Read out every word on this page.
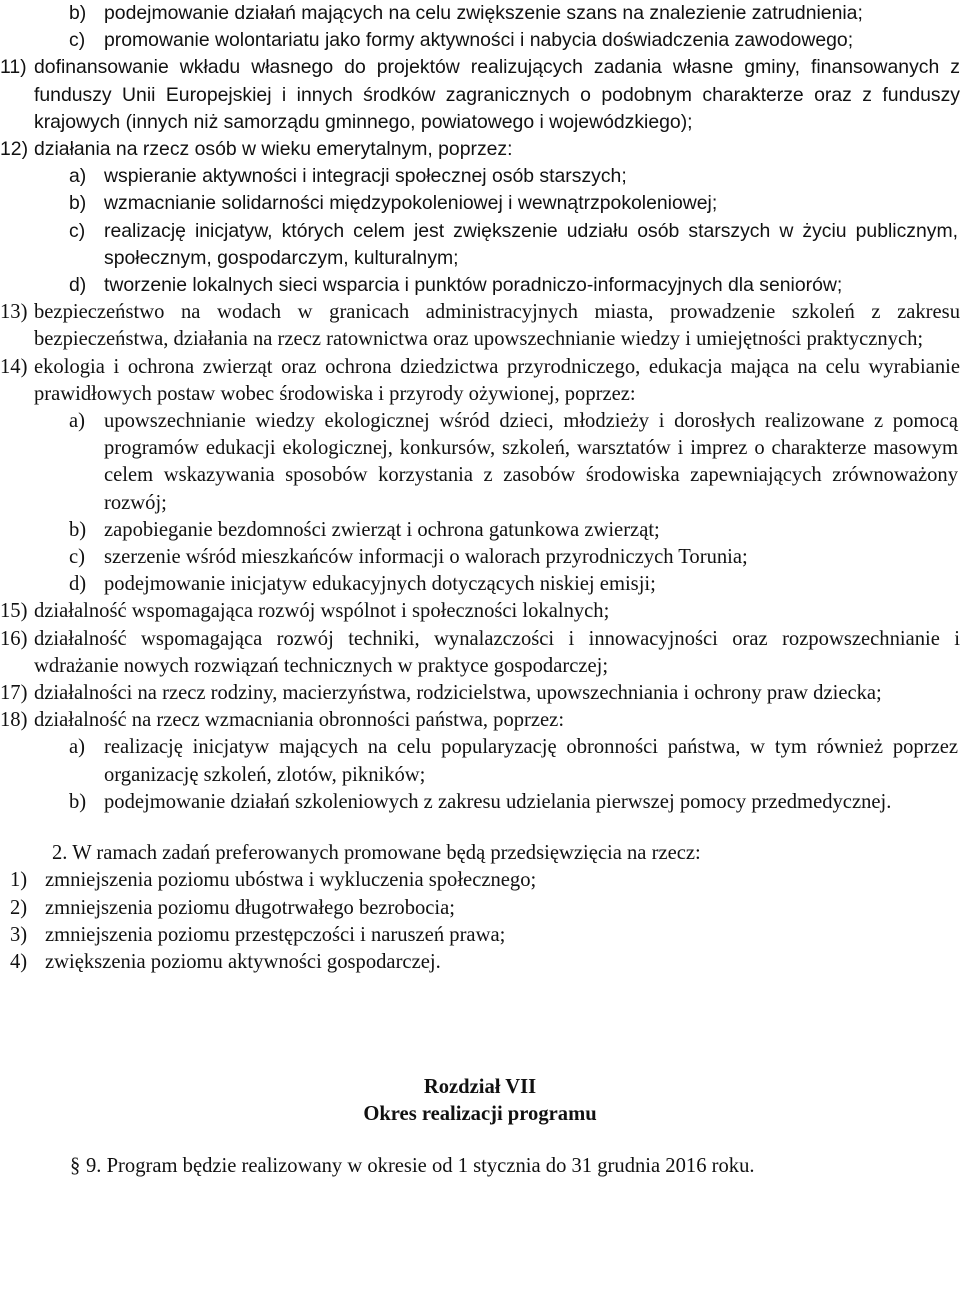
b) podejmowanie działań mających na celu zwiększenie szans na znalezienie zatrudnienia;
c) promowanie wolontariatu jako formy aktywności i nabycia doświadczenia zawodowego;
11) dofinansowanie wkładu własnego do projektów realizujących zadania własne gminy, finansowanych z funduszy Unii Europejskiej i innych środków zagranicznych o podobnym charakterze oraz z funduszy krajowych (innych niż samorządu gminnego, powiatowego i wojewódzkiego);
12) działania na rzecz osób w wieku emerytalnym, poprzez:
a) wspieranie aktywności i integracji społecznej osób starszych;
b) wzmacnianie solidarności międzypokoleniowej i wewnątrzpokoleniowej;
c) realizację inicjatyw, których celem jest zwiększenie udziału osób starszych w życiu publicznym, społecznym, gospodarczym, kulturalnym;
d) tworzenie lokalnych sieci wsparcia i punktów poradniczo-informacyjnych dla seniorów;
13) bezpieczeństwo na wodach w granicach administracyjnych miasta, prowadzenie szkoleń z zakresu bezpieczeństwa, działania na rzecz ratownictwa oraz upowszechnianie wiedzy i umiejętności praktycznych;
14) ekologia i ochrona zwierząt oraz ochrona dziedzictwa przyrodniczego, edukacja mająca na celu wyrabianie prawidłowych postaw wobec środowiska i przyrody ożywionej, poprzez:
a) upowszechnianie wiedzy ekologicznej wśród dzieci, młodzieży i dorosłych realizowane z pomocą programów edukacji ekologicznej, konkursów, szkoleń, warsztatów i imprez o charakterze masowym celem wskazywania sposobów korzystania z zasobów środowiska zapewniających zrównoważony rozwój;
b) zapobieganie bezdomności zwierząt i ochrona gatunkowa zwierząt;
c) szerzenie wśród mieszkańców informacji o walorach przyrodniczych Torunia;
d) podejmowanie inicjatyw edukacyjnych dotyczących niskiej emisji;
15) działalność wspomagająca rozwój wspólnot i społeczności lokalnych;
16) działalność wspomagająca rozwój techniki, wynalazczości i innowacyjności oraz rozpowszechnianie i wdrażanie nowych rozwiązań technicznych w praktyce gospodarczej;
17) działalności na rzecz rodziny, macierzyństwa, rodzicielstwa, upowszechniania i ochrony praw dziecka;
18) działalność na rzecz wzmacniania obronności państwa, poprzez:
a) realizację inicjatyw mających na celu popularyzację obronności państwa, w tym również poprzez organizację szkoleń, zlotów, pikników;
b) podejmowanie działań szkoleniowych z zakresu udzielania pierwszej pomocy przedmedycznej.
2. W ramach zadań preferowanych promowane będą przedsięwzięcia na rzecz:
1) zmniejszenia poziomu ubóstwa i wykluczenia społecznego;
2) zmniejszenia poziomu długotrwałego bezrobocia;
3) zmniejszenia poziomu przestępczości i naruszeń prawa;
4) zwiększenia poziomu aktywności gospodarczej.
Rozdział VII
Okres realizacji programu
§ 9. Program będzie realizowany w okresie od 1 stycznia do 31 grudnia 2016 roku.
